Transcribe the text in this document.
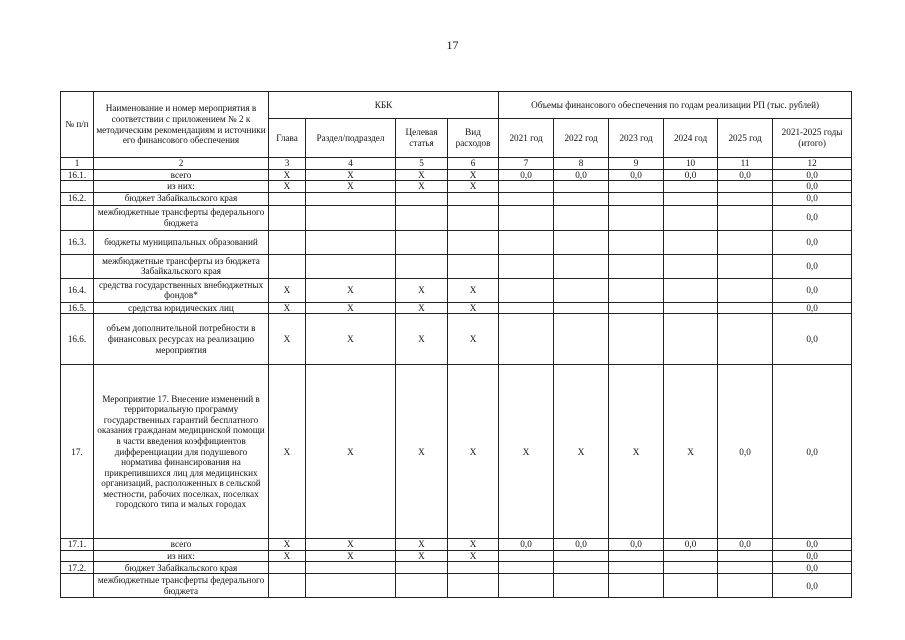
17
№ п/п	Наименование и номер мероприятия в соответствии с приложением № 2 к методическим рекомендациям и источники его финансового обеспечения	КБК				Объемы финансового обеспечения по годам реализации РП (тыс. рублей)					
		Глава	Раздел/подраздел	Целевая статья	Вид расходов	2021 год	2022 год	2023 год	2024 год	2025 год	2021-2025 годы (итого)
1	2	3	4	5	6	7	8	9	10	11	12
16.1.	всего	X	X	X	X	0,0	0,0	0,0	0,0	0,0	0,0
	из них:	X	X	X	X						0,0
16.2.	бюджет Забайкальского края										0,0
	межбюджетные трансферты федерального бюджета										0,0
16.3.	бюджеты муниципальных образований										0,0
	межбюджетные трансферты из бюджета Забайкальского края										0,0
16.4.	средства государственных внебюджетных фондов*	X	X	X	X						0,0
16.5.	средства юридических лиц	X	X	X	X						0,0
16.6.	объем дополнительной потребности в финансовых ресурсах на реализацию мероприятия	X	X	X	X						0,0
17.	Мероприятие 17. Внесение изменений в территориальную программу государственных гарантий бесплатного оказания гражданам медицинской помощи в части введения коэффициентов дифференциации для подушевого норматива финансирования на прикрепившихся лиц для медицинских организаций, расположенных в сельской местности, рабочих поселках, поселках городского типа и малых городах	X	X	X	X	X	X	X	X	0,0	0,0
17.1.	всего	X	X	X	X	0,0	0,0	0,0	0,0	0,0	0,0
	из них:	X	X	X	X						0,0
17.2.	бюджет Забайкальского края										0,0
	межбюджетные трансферты федерального бюджета										0,0
